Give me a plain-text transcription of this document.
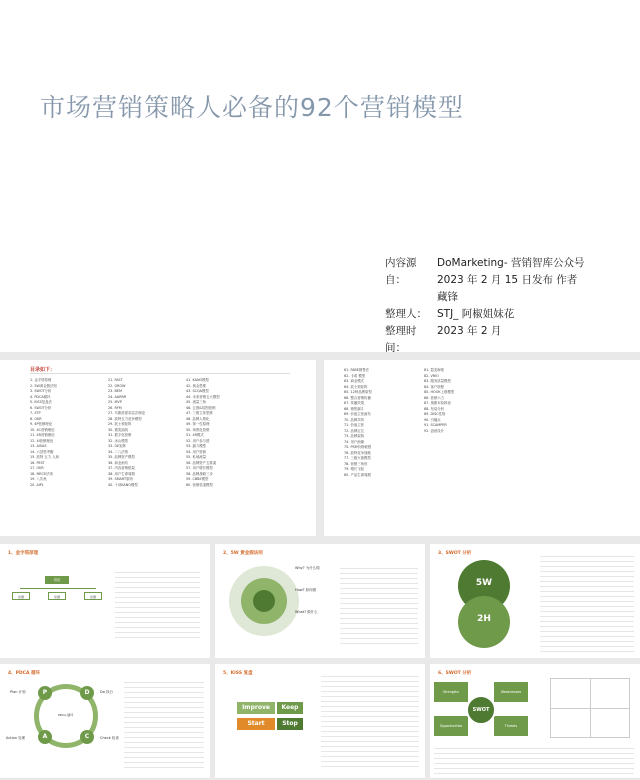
市场营销策略人必备的92个营销模型
内容源自：
DoMarketing- 营销智库公众号 2023 年 2 月 15 日发布 作者藏锋
整理人： STJ_ 阿椒姐妹花
整理时间：
2023 年 2 月
目录如下：
1. 金字塔原理
2. 5W黄金圆法则
3. SWOT分析
4. PDCA循环
5. KISS复盘法
6. SWOT分析
7. STP
8. OKR
9. 4P营销理论
10. 4C营销理论
11. 4R营销理论
12. 4I营销理论
13. AISAS
14. 六顶思考帽
15. 波特 五力 人和
16. PEST
17. OKR
18. MECE法则
19. 八爪鱼
20. AIPL
21. FAST
22. GROW
23. BEM
24. AARRR
25. MVP
26. RFM
27. 马斯洛需求层次理论
28. 波特五力竞争模型
29. 波士顿矩阵
30. 微笑曲线
31. 数字化营销
32. 冰山模型
33. GE矩阵
34. 二八法则
35. 品牌资产模型
36. 商业画布
37. 内容营销框架
38. 用户生命周期
39. SMART原则
40. 十项KANO模型
41. KANO模型
42. 黄金思维
43. SCQA模型
44. 未来营销五大模型
45. 流量三角
46. 五感&氛围营销
47. 三维立体思维
48. 品牌人格化
49. 第一性原理
50. 场景化营销
51. 4R模式
52. 用户参与感
53. 漏斗模型
54. 用户资源
55. 私域流量
56. 品牌资产五要素
57. 用户增长模型
58. 品牌战略三步
59. CBBE模型
60. 营销渠道模型
61. FABE销售法
62. 卡诺 模型
63. 商业模式
64. 波士顿矩阵
65. 12种品牌原型
66. 整合营销传播
67. 传播效果
68. 销售漏斗
69. 价值主张画布
70. 品牌共鸣
71. 价值主张
72. 品牌定位
73. 品牌架构
74. 用户画像
75. PSM价格敏感
76. 波特竞争战略
77. 三级火箭模型
78. 营销三角形
79. 增长飞轮
80. 产品生命周期
81. 裂变海报
82. VRIO
83. 服务质量模型
84. 客户旅程
85. HOOK上瘾模型
86. 营销六力
87. 奥斯本检核表
88. 布局分析
89. DISC性格
90. 引爆点
91. SCAMPER
92. 创意设计
1、金字塔原理
结论
论据	论据	论据
2、5W 黄金圆法则
Why? 为什么做
How? 如何做
What? 做什么
3、SWOT 分析
5W
2H
4、PDCA 循环
P	D
C
A
PDCA 循环
Plan 计划	Do 执行
Check 检查
Action 处理
5、KISS 复盘
Keep
Improve
Start	Stop
6、SWOT 分析
Strengths	Weaknesses
Opportunities	Threats
SWOT
